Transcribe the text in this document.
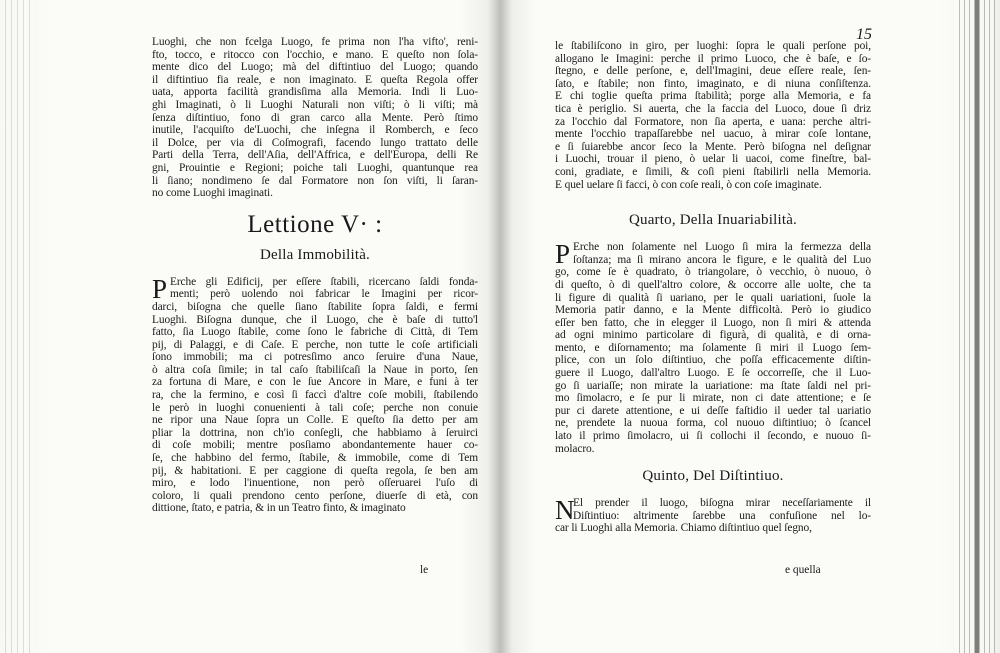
Luoghi, che non fcelga Luogo, fe prima non l'ha vifto', reni-
fto, tocco, e ritocco con l'occhio, e mano. E queſto non ſola-
mente dico del Luogo; mà del diftintiuo del Luogo; quando
il diftintiuo fia reale, e non imaginato. E queſta Regola offer
uata, apporta facilità grandisſima alla Memoria. Indi li Luo-
ghi Imaginati, ò li Luoghi Naturali non viſti; ò li viſti; mà
ſenza diſtintiuo, fono di gran carco alla Mente. Però ſtimo
inutile, l'acquiſto de'Luochi, che inſegna il Romberch, e ſeco
il Dolce, per via di Coſmografi, facendo lungo trattato delle
Parti della Terra, dell'Aſia, dell'Affrica, e dell'Europa, delli Re
gni, Prouintie e Regioni; poiche tali Luoghi, quantunque rea
li ſiano; nondimeno ſe dal Formatore non ſon viſti, li ſaran-
no come Luoghi imaginati.
Lettione V· :
Della Immobilità.
P Erche gli Edificij, per eſſere ſtabili, ricercano ſaldi fonda-
menti; però uolendo noi fabricar le Imagini per ricor-
darci, biſogna che quelle ſiano ſtabilite ſopra ſaldi, e fermi
Luoghi. Biſogna dunque, che il Luogo, che è baſe di tutto'l
fatto, ſia Luogo ſtabile, come ſono le fabriche di Città, di Tem
pij, di Palaggi, e di Caſe. E perche, non tutte le coſe artificiali
ſono immobili; ma ci potresſimo anco ſeruire d'una Naue,
ò altra coſa ſimile; in tal caſo ſtabiliſcaſi la Naue in porto, ſen
za fortuna di Mare, e con le ſue Ancore in Mare, e funi à ter
ra, che la fermino, e così ſi faccì d'altre coſe mobili, ſtabilendo
le però in luoghi conuenienti à tali coſe; perche non conuie
ne ripor una Naue ſopra un Colle. E queſto ſia detto per am
pliar la dottrina, non ch'io conſegli, che habbiamo à ſeruirci
di coſe mobili; mentre posſiamo abondantemente hauer co-
ſe, che habbino del fermo, ſtabile, & immobile, come di Tem
pij, & habitationi. E per caggione di queſta regola, ſe ben am
miro, e lodo l'inuentione, non però oſſeruarei l'uſo di
coloro, li quali prendono cento perſone, diuerſe di età, con
dittione, ſtato, e patria, & in un Teatro finto, & imaginato
le
15
le ſtabiliſcono in giro, per luoghi: ſopra le quali perſone poi,
allogano le Imagini: perche il primo Luoco, che è baſe, e ſo-
ſtegno, e delle perſone, e, dell'Imagini, deue eſſere reale, ſen-
ſato, e ſtabile; non finto, imaginato, e di niuna conſiſtenza.
E chi toglie queſta prima ſtabilità; porge alla Memoria, e fa
tica è periglio. Si auerta, che la faccia del Luoco, doue ſi driz
za l'occhio dal Formatore, non ſia aperta, e uana: perche altri-
mente l'occhio trapaſſarebbe nel uacuo, à mirar coſe lontane,
e ſi ſuiarebbe ancor ſeco la Mente. Però biſogna nel deſignar
i Luochi, trouar il pieno, ò uelar li uacoi, come fineſtre, bal-
coni, gradiate, e ſimili, & coſi pieni ſtabilirli nella Memoria.
E quel uelare ſi facci, ò con coſe reali, ò con coſe imaginate.
Quarto, Della Inuariabilità.
P Erche non ſolamente nel Luogo ſi mira la fermezza della
ſoſtanza; ma ſi mirano ancora le figure, e le qualità del Luo
go, come ſe è quadrato, ò triangolare, ò vecchio, ò nuouo, ò
di queſto, ò di quell'altro colore, & occorre alle uolte, che ta
li figure di qualità ſi uariano, per le quali uariationi, ſuole la
Memoria patir danno, e la Mente difficoltà. Però io giudico
eſſer ben fatto, che in elegger il Luogo, non ſi miri & attenda
ad ogni minimo particolare di figurà, di qualità, e di orna-
mento, e diſornamento; ma ſolamente ſi miri il Luogo ſem-
plice, con un ſolo diſtintiuo, che poſſa efficacemente diſtin-
guere il Luogo, dall'altro Luogo. E ſe occorreſſe, che il Luo-
go ſi uariaſſe; non mirate la uariatione: ma ſtate ſaldi nel pri-
mo ſimolacro, e ſe pur li mirate, non ci date attentione; e ſe
pur ci darete attentione, e ui deſſe faſtidio il ueder tal uariatio
ne, prendete la nuoua forma, col nuouo diſtintiuo; ò ſcancel
lato il primo ſimolacro, ui ſi collochi il ſecondo, e nuouo ſi-
molacro.
Quinto, Del Diſtintiuo.
N
El prender il luogo, biſogna mirar neceſſariamente il
Diſtintiuo: altrimente ſarebbe una confuſione nel lo-
car li Luoghi alla Memoria. Chiamo diſtintiuo quel ſegno,
e quella
